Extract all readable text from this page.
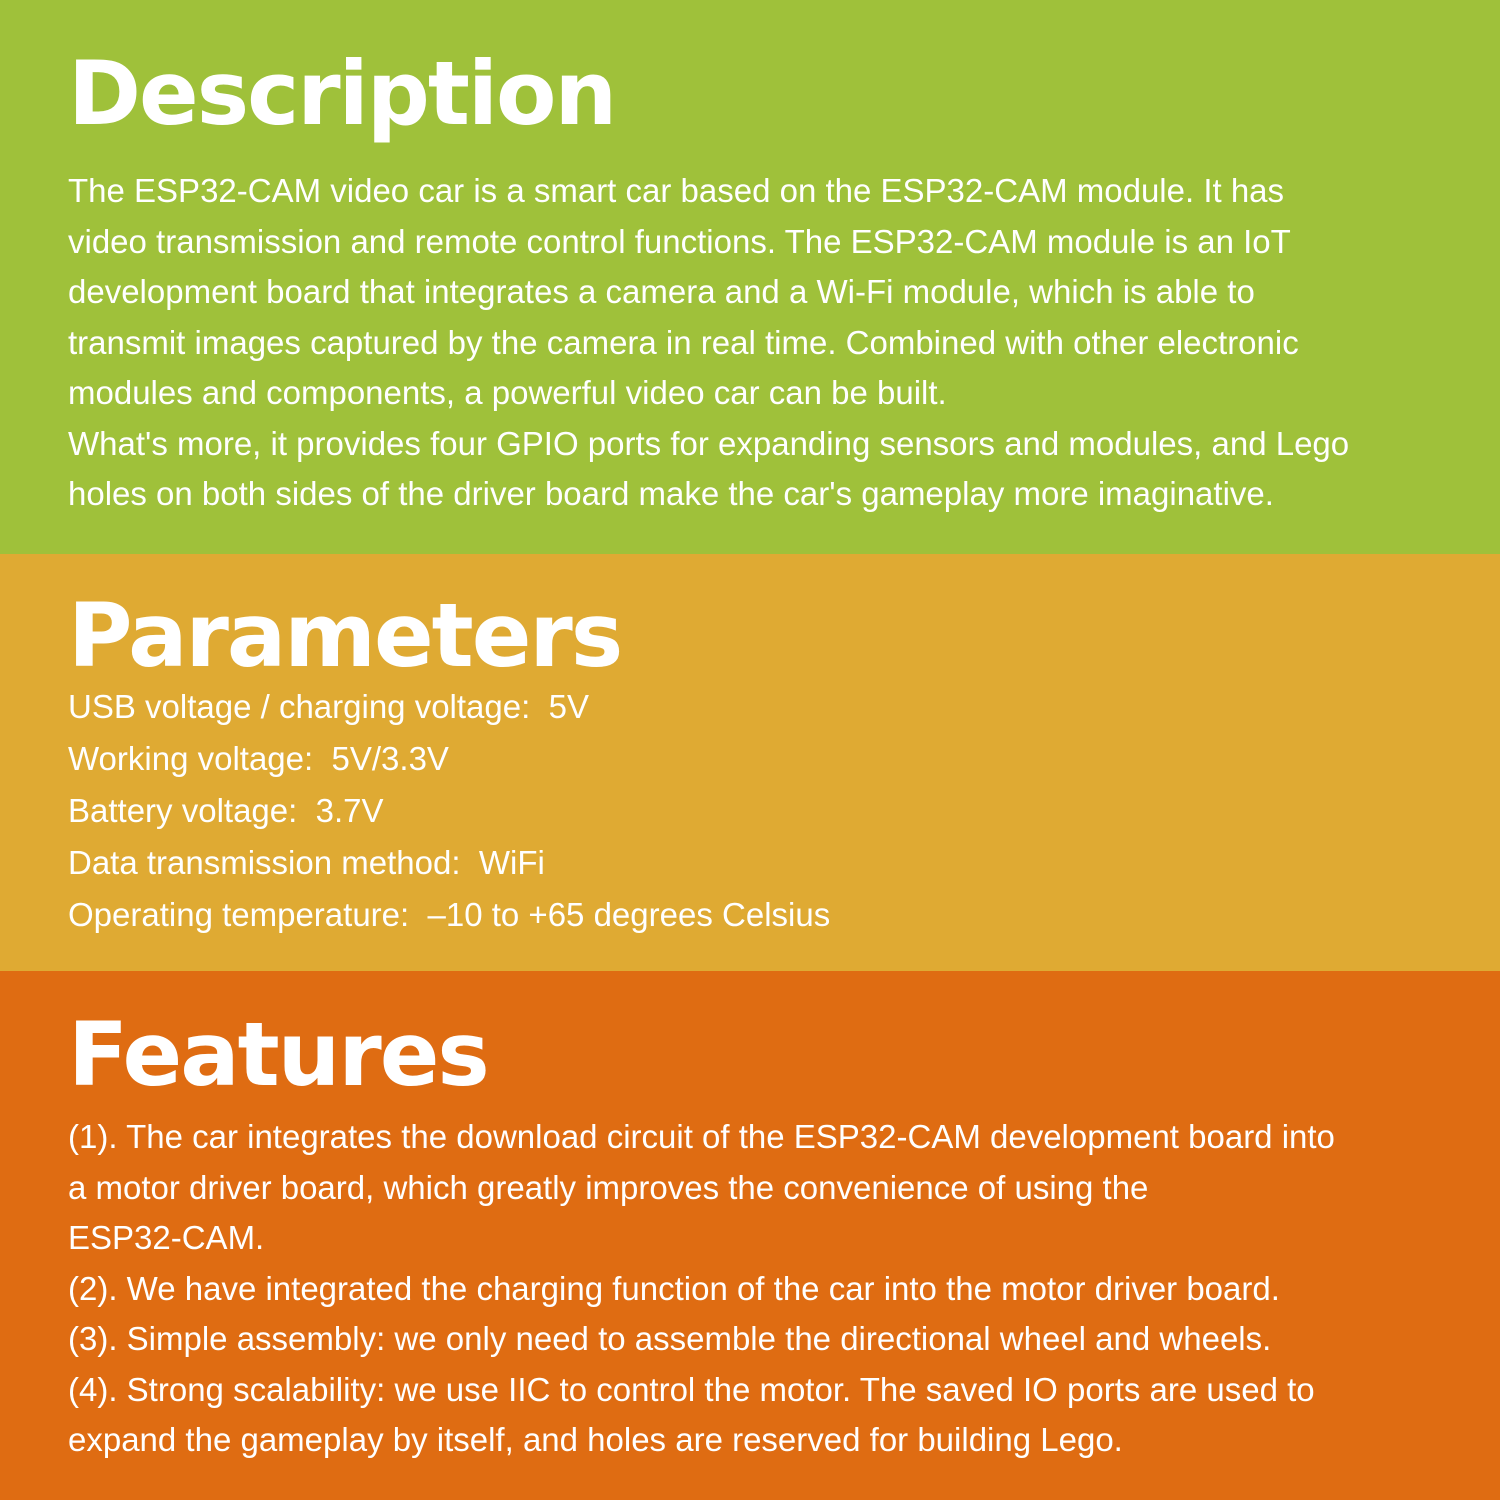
Description

The ESP32-CAM video car is a smart car based on the ESP32-CAM module. It has
video transmission and remote control functions. The ESP32-CAM module is an IoT
development board that integrates a camera and a Wi-Fi module, which is able to
transmit images captured by the camera in real time. Combined with other electronic
modules and components, a powerful video car can be built.
What's more, it provides four GPIO ports for expanding sensors and modules, and Lego
holes on both sides of the driver board make the car's gameplay more imaginative.

Parameters

USB voltage / charging voltage:  5V
Working voltage:  5V/3.3V
Battery voltage:  3.7V
Data transmission method:  WiFi
Operating temperature:  –10 to +65 degrees Celsius

Features

(1). The car integrates the download circuit of the ESP32-CAM development board into
a motor driver board, which greatly improves the convenience of using the
ESP32-CAM.
(2). We have integrated the charging function of the car into the motor driver board.
(3). Simple assembly: we only need to assemble the directional wheel and wheels.
(4). Strong scalability: we use IIC to control the motor. The saved IO ports are used to
expand the gameplay by itself, and holes are reserved for building Lego.
